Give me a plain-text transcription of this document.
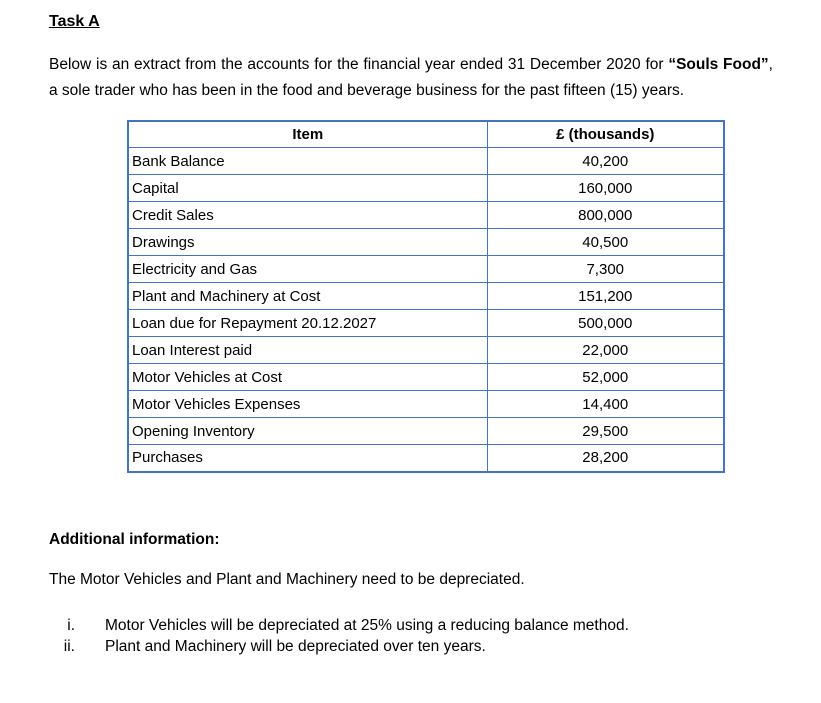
Task A

Below is an extract from the accounts for the financial year ended 31 December 2020 for “Souls Food”, a sole trader who has been in the food and beverage business for the past fifteen (15) years.

Item	£ (thousands)
Bank Balance	40,200
Capital	160,000
Credit Sales	800,000
Drawings	40,500
Electricity and Gas	7,300
Plant and Machinery at Cost	151,200
Loan due for Repayment 20.12.2027	500,000
Loan Interest paid	22,000
Motor Vehicles at Cost	52,000
Motor Vehicles Expenses	14,400
Opening Inventory	29,500
Purchases	28,200
Additional information:
The Motor Vehicles and Plant and Machinery need to be depreciated.
i.	Motor Vehicles will be depreciated at 25% using a reducing balance method.
ii.	Plant and Machinery will be depreciated over ten years.
